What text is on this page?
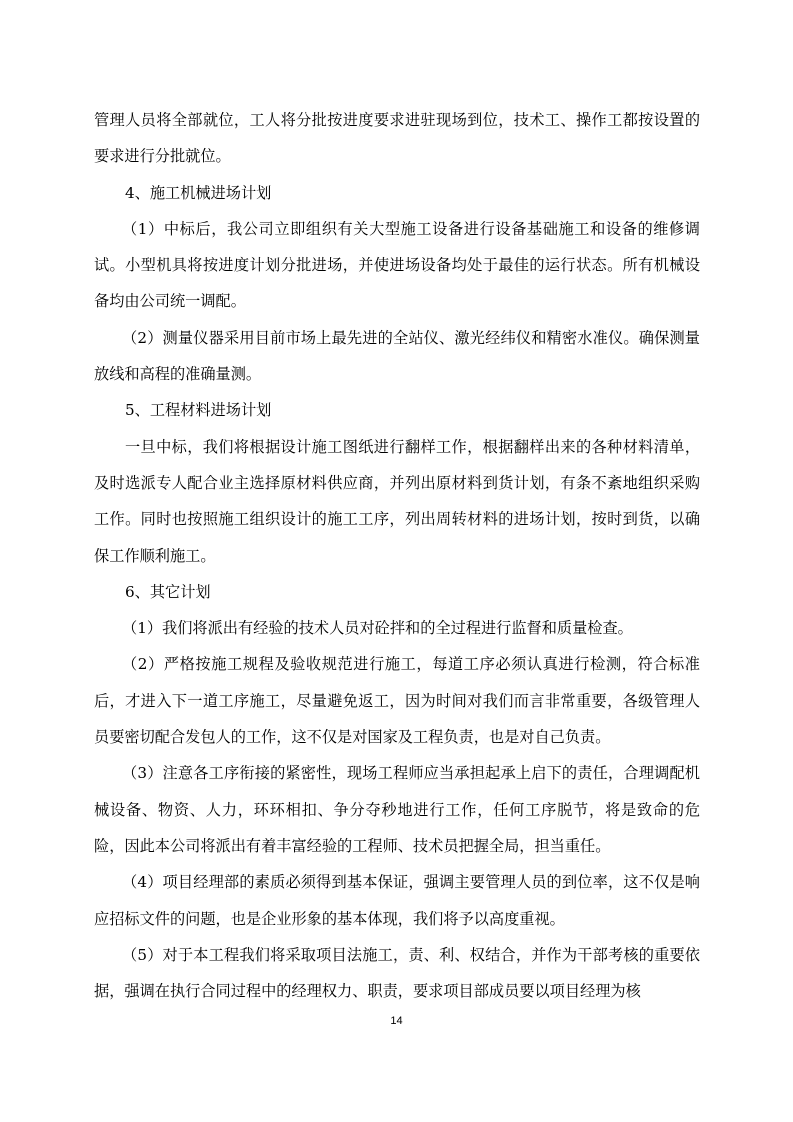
管理人员将全部就位，工人将分批按进度要求进驻现场到位，技术工、操作工都按设置的要求进行分批就位。

4、施工机械进场计划

（1）中标后，我公司立即组织有关大型施工设备进行设备基础施工和设备的维修调试。小型机具将按进度计划分批进场，并使进场设备均处于最佳的运行状态。所有机械设备均由公司统一调配。

（2）测量仪器采用目前市场上最先进的全站仪、激光经纬仪和精密水准仪。确保测量放线和高程的准确量测。

5、工程材料进场计划

一旦中标，我们将根据设计施工图纸进行翻样工作，根据翻样出来的各种材料清单，及时选派专人配合业主选择原材料供应商，并列出原材料到货计划，有条不紊地组织采购工作。同时也按照施工组织设计的施工工序，列出周转材料的进场计划，按时到货，以确保工作顺利施工。

6、其它计划

（1）我们将派出有经验的技术人员对砼拌和的全过程进行监督和质量检查。

（2）严格按施工规程及验收规范进行施工，每道工序必须认真进行检测，符合标准后，才进入下一道工序施工，尽量避免返工，因为时间对我们而言非常重要，各级管理人员要密切配合发包人的工作，这不仅是对国家及工程负责，也是对自己负责。

（3）注意各工序衔接的紧密性，现场工程师应当承担起承上启下的责任，合理调配机械设备、物资、人力，环环相扣、争分夺秒地进行工作，任何工序脱节，将是致命的危险，因此本公司将派出有着丰富经验的工程师、技术员把握全局，担当重任。

（4）项目经理部的素质必须得到基本保证，强调主要管理人员的到位率，这不仅是响应招标文件的问题，也是企业形象的基本体现，我们将予以高度重视。

（5）对于本工程我们将采取项目法施工，责、利、权结合，并作为干部考核的重要依据，强调在执行合同过程中的经理权力、职责，要求项目部成员要以项目经理为核

14
